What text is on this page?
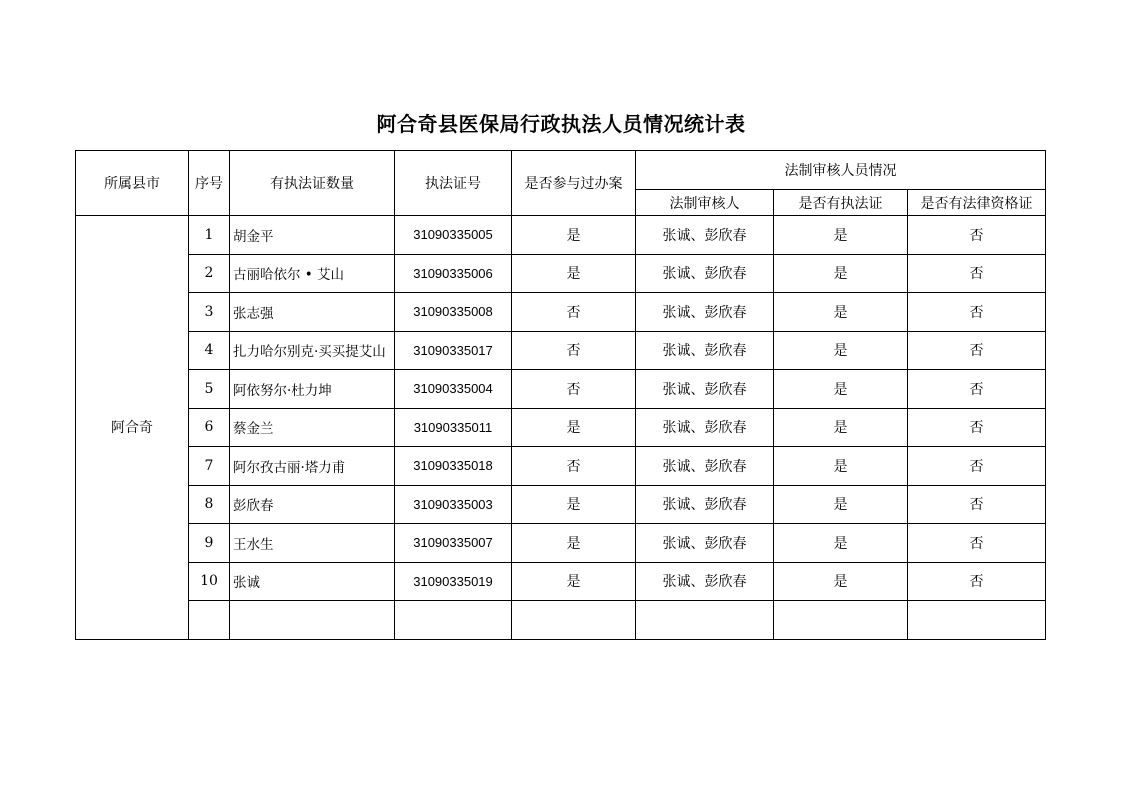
阿合奇县医保局行政执法人员情况统计表
所属县市	序号	有执法证数量	执法证号	是否参与过办案	法制审核人员情况		
					法制审核人	是否有执法证	是否有法律资格证
阿合奇	1	胡金平	31090335005	是	张诚、彭欣春	是	否
	2	古丽哈依尔 • 艾山	31090335006	是	张诚、彭欣春	是	否
	3	张志强	31090335008	否	张诚、彭欣春	是	否
	4	扎力哈尔别克·买买提艾山	31090335017	否	张诚、彭欣春	是	否
	5	阿依努尔·杜力坤	31090335004	否	张诚、彭欣春	是	否
	6	蔡金兰	31090335011	是	张诚、彭欣春	是	否
	7	阿尔孜古丽·塔力甫	31090335018	否	张诚、彭欣春	是	否
	8	彭欣春	31090335003	是	张诚、彭欣春	是	否
	9	王水生	31090335007	是	张诚、彭欣春	是	否
	10	张诚	31090335019	是	张诚、彭欣春	是	否
